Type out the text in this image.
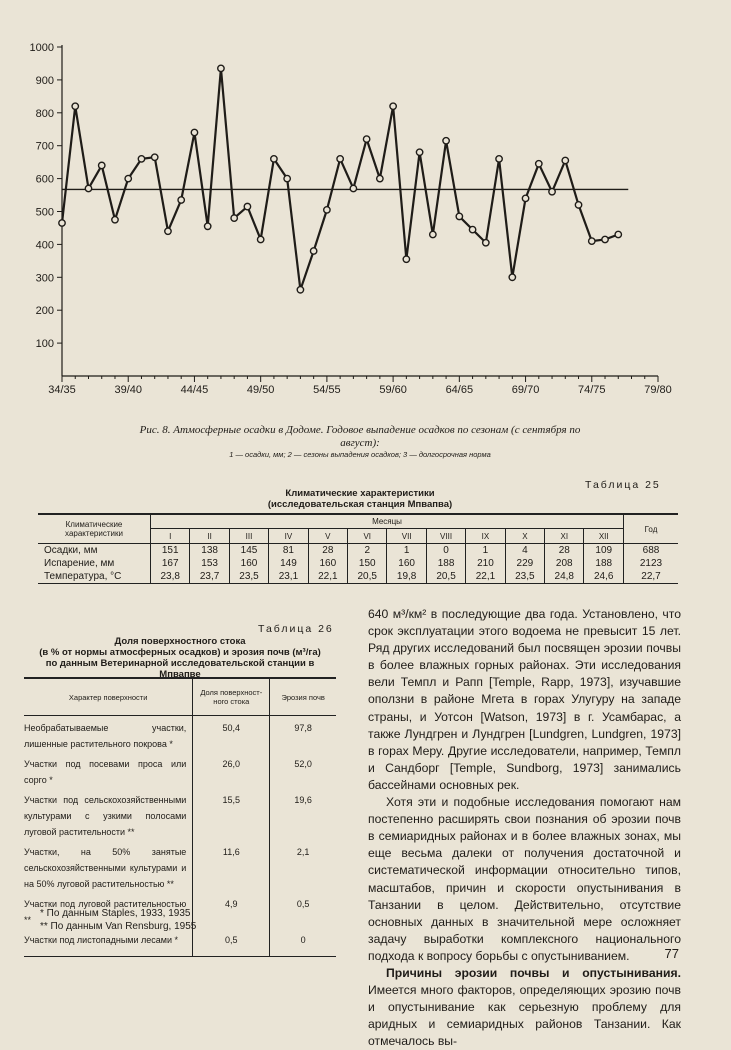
100
200
300
400
500
600
700
800
900
1000
34/35	39/40	44/45	49/50	54/55	59/60	64/65	69/70	74/75	79/80
Рис. 8. Атмосферные осадки в Додоме. Годовое выпадение осадков по сезонам (с сентября по август):
1 — осадки, мм; 2 — сезоны выпадения осадков; 3 — долгосрочная норма
Таблица 25
Климатические характеристики
(исследовательская станция Мпвапва)
Климатические характеристики	Месяцы												Год
	I	II	III	IV	V	VI	VII	VIII	IX	X	XI	XII	
Осадки, мм	151	138	145	81	28	2	1	0	1	4	28	109	688
Испарение, мм	167	153	160	149	160	150	160	188	210	229	208	188	2123
Температура, °С	23,8	23,7	23,5	23,1	22,1	20,5	19,8	20,5	22,1	23,5	24,8	24,6	22,7
Таблица 26
Доля поверхностного стока
(в % от нормы атмосферных осадков) и эрозия почв (м³/га)
по данным Ветеринарной исследовательской станции в Мпвапве
Характер поверхности	Доля поверхност-ного стока	Эрозия почв
Необрабатываемые участки, лишенные растительного покрова *	50,4	97,8
Участки под посевами проса или сорго *	26,0	52,0
Участки под сельскохозяйственными культурами с узкими полосами луговой растительности **	15,5	19,6
Участки, на 50% занятые сельскохозяйственными культурами и на 50% луговой растительностью **	11,6	2,1
Участки под луговой растительностью **	4,9	0,5
Участки под листопадными лесами *	0,5	0
* По данным Staples, 1933, 1935
** По данным Van Rensburg, 1955

640 м³/км² в последующие два года. Установлено, что срок эксплуатации этого водоема не превысит 15 лет. Ряд других исследований был посвящен эрозии почвы в более влажных горных районах. Эти исследования вели Темпл и Рапп [Temple, Rapp, 1973], изучавшие оползни в районе Мгета в горах Улугуру на западе страны, и Уотсон [Watson, 1973] в г. Усамбарас, а также Лундгрен и Лундгрен [Lundgren, Lundgren, 1973] в горах Меру. Другие исследователи, например, Темпл и Сандборг [Temple, Sundborg, 1973] занимались бассейнами основных рек.

Хотя эти и подобные исследования помогают нам постепенно расширять свои познания об эрозии почв в семиаридных районах и в более влажных зонах, мы еще весьма далеки от получения достаточной и систематической информации относительно типов, масштабов, причин и скорости опустынивания в Танзании в целом. Действительно, отсутствие основных данных в значительной мере осложняет задачу выработки комплексного национального подхода к вопросу борьбы с опустыниванием.

Причины эрозии почвы и опустынивания. Имеется много факторов, определяющих эрозию почв и опустынивание как серьезную проблему для аридных и семиаридных районов Танзании. Как отмечалось вы-

77
